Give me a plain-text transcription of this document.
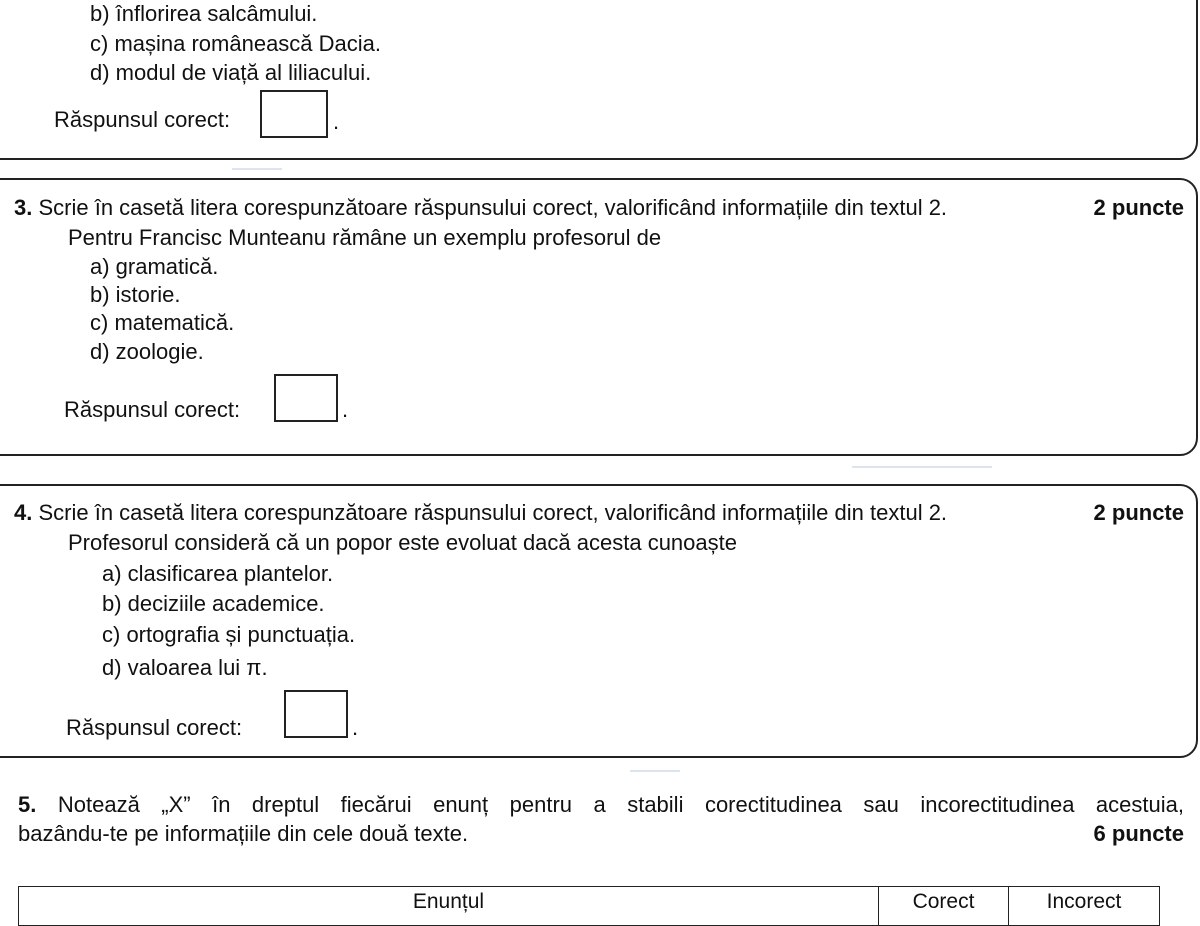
b) înflorirea salcâmului.
c) mașina românească Dacia.
d) modul de viață al liliacului.
Răspunsul corect:	.
3. Scrie în casetă litera corespunzătoare răspunsului corect, valorificând informațiile din textul 2.	2 puncte
Pentru Francisc Munteanu rămâne un exemplu profesorul de
a) gramatică.
b) istorie.
c) matematică.
d) zoologie.
Răspunsul corect:	.
4. Scrie în casetă litera corespunzătoare răspunsului corect, valorificând informațiile din textul 2.	2 puncte
Profesorul consideră că un popor este evoluat dacă acesta cunoaște
a) clasificarea plantelor.
b) deciziile academice.
c) ortografia și punctuația.
d) valoarea lui π.
Răspunsul corect:	.
5. Notează „X” în dreptul fiecărui enunț pentru a stabili corectitudinea sau incorectitudinea acestuia,
bazându-te pe informațiile din cele două texte.	6 puncte
Enunțul	Corect	Incorect
